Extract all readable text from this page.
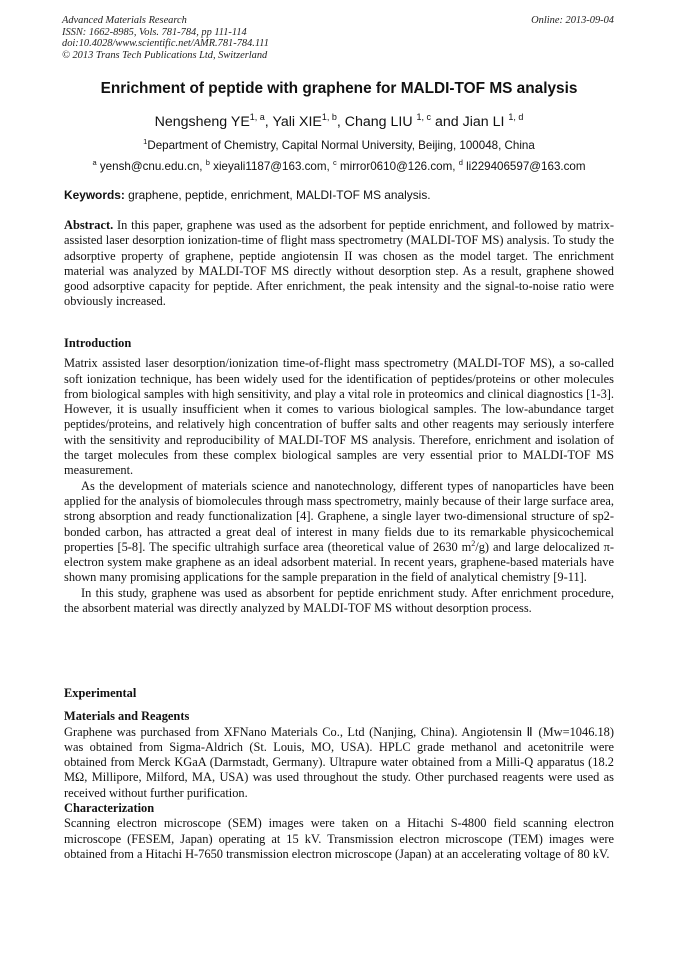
Advanced Materials Research
ISSN: 1662-8985, Vols. 781-784, pp 111-114
doi:10.4028/www.scientific.net/AMR.781-784.111
© 2013 Trans Tech Publications Ltd, Switzerland
Online: 2013-09-04
Enrichment of peptide with graphene for MALDI-TOF MS analysis
Nengsheng YE$^{1, a}$, Yali XIE$^{1, b}$, Chang LIU $^{1, c}$ and Jian LI $^{1, d}$
$^1$Department of Chemistry, Capital Normal University, Beijing, 100048, China
$^a$ yensh@cnu.edu.cn, $^b$ xieyali1187@163.com, $^c$ mirror0610@126.com, $^d$ li229406597@163.com
Keywords: graphene, peptide, enrichment, MALDI-TOF MS analysis.

Abstract. In this paper, graphene was used as the adsorbent for peptide enrichment, and followed by matrix-assisted laser desorption ionization-time of flight mass spectrometry (MALDI-TOF MS) analysis. To study the adsorptive property of graphene, peptide angiotensin II was chosen as the model target. The enrichment material was analyzed by MALDI-TOF MS directly without desorption step. As a result, graphene showed good adsorptive capacity for peptide. After enrichment, the peak intensity and the signal-to-noise ratio were obviously increased.

Introduction

Matrix assisted laser desorption/ionization time-of-flight mass spectrometry (MALDI-TOF MS), a so-called soft ionization technique, has been widely used for the identification of peptides/proteins or other molecules from biological samples with high sensitivity, and play a vital role in proteomics and clinical diagnostics [1-3]. However, it is usually insufficient when it comes to various biological samples. The low-abundance target peptides/proteins, and relatively high concentration of buffer salts and other reagents may seriously interfere with the sensitivity and reproducibility of MALDI-TOF MS analysis. Therefore, enrichment and isolation of the target molecules from these complex biological samples are very essential prior to MALDI-TOF MS measurement.

As the development of materials science and nanotechnology, different types of nanoparticles have been applied for the analysis of biomolecules through mass spectrometry, mainly because of their large surface area, strong absorption and ready functionalization [4]. Graphene, a single layer two-dimensional structure of sp2-bonded carbon, has attracted a great deal of interest in many fields due to its remarkable physicochemical properties [5-8]. The specific ultrahigh surface area (theoretical value of 2630 $m^2/g$) and large delocalized π-electron system make graphene as an ideal adsorbent material. In recent years, graphene-based materials have shown many promising applications for the sample preparation in the field of analytical chemistry [9-11].

In this study, graphene was used as absorbent for peptide enrichment study. After enrichment procedure, the absorbent material was directly analyzed by MALDI-TOF MS without desorption process.

Experimental

Materials and Reagents

Graphene was purchased from XFNano Materials Co., Ltd (Nanjing, China). Angiotensin Ⅱ (Mw=1046.18) was obtained from Sigma-Aldrich (St. Louis, MO, USA). HPLC grade methanol and acetonitrile were obtained from Merck KGaA (Darmstadt, Germany). Ultrapure water obtained from a Milli-Q apparatus (18.2 MΩ, Millipore, Milford, MA, USA) was used throughout the study. Other purchased reagents were used as received without further purification.

Characterization

Scanning electron microscope (SEM) images were taken on a Hitachi S-4800 field scanning electron microscope (FESEM, Japan) operating at 15 kV. Transmission electron microscope (TEM) images were obtained from a Hitachi H-7650 transmission electron microscope (Japan) at an accelerating voltage of 80 kV.
